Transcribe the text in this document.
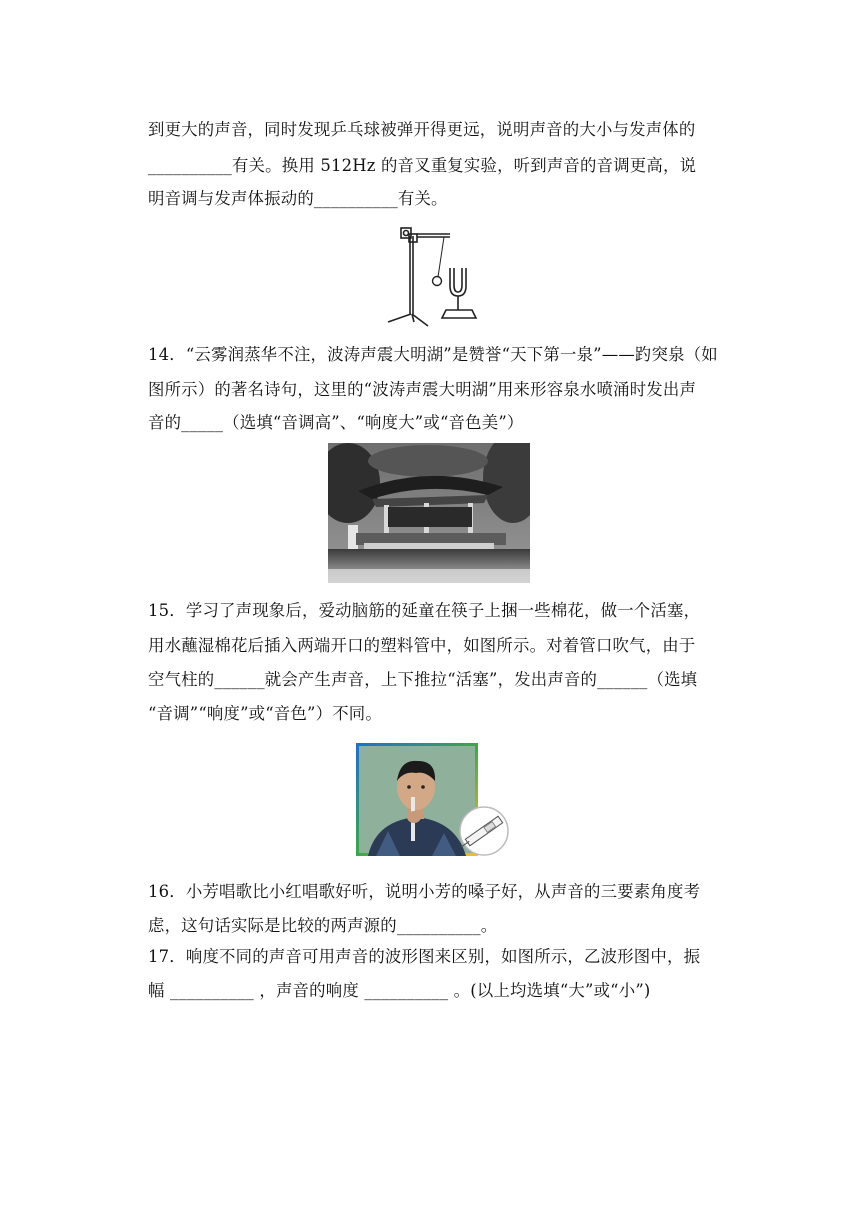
到更大的声音，同时发现乒乓球被弹开得更远，说明声音的大小与发声体的
__________有关。换用 512Hz 的音叉重复实验，听到声音的音调更高，说
明音调与发声体振动的__________有关。
14．“云雾润蒸华不注，波涛声震大明湖”是赞誉“天下第一泉”——趵突泉（如
图所示）的著名诗句，这里的“波涛声震大明湖”用来形容泉水喷涌时发出声
音的_____（选填“音调高”、“响度大”或“音色美”）
15．学习了声现象后，爱动脑筋的延童在筷子上捆一些棉花，做一个活塞，
用水蘸湿棉花后插入两端开口的塑料管中，如图所示。对着管口吹气，由于
空气柱的______就会产生声音，上下推拉“活塞”，发出声音的______（选填
“音调”“响度”或“音色”）不同。
16．小芳唱歌比小红唱歌好听，说明小芳的嗓子好，从声音的三要素角度考
虑，这句话实际是比较的两声源的__________。
17．响度不同的声音可用声音的波形图来区别，如图所示，乙波形图中，振
幅 __________ ，声音的响度 __________ 。(以上均选填“大”或“小”)
